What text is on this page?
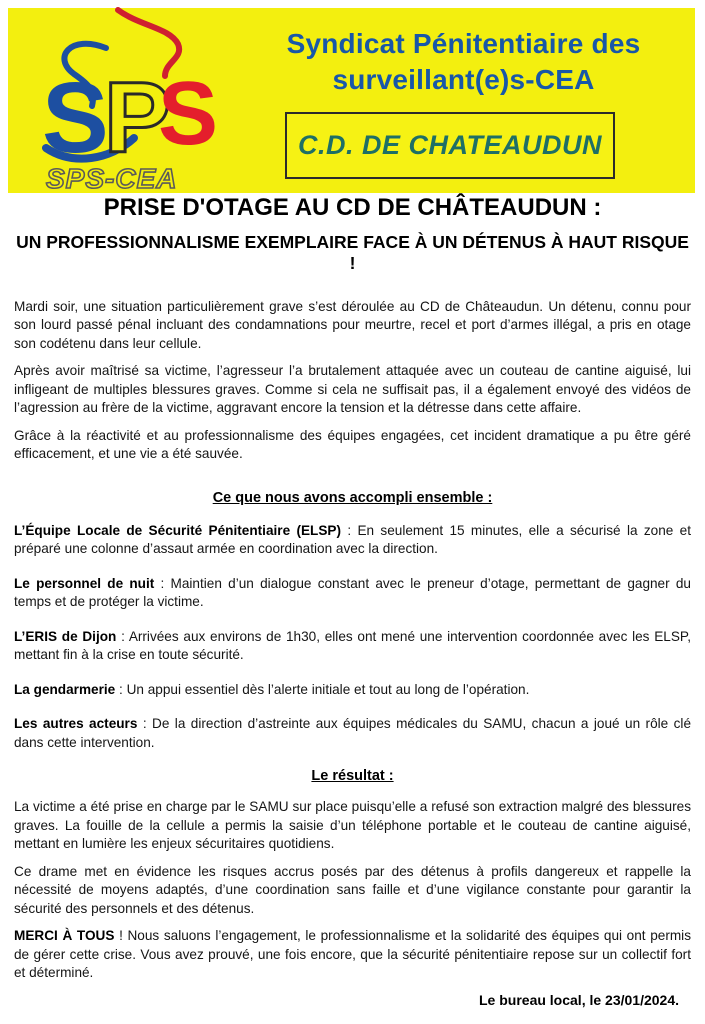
S
P
S
SPS-CEA
Syndicat Pénitentiaire des
surveillant(e)s-CEA
C.D. DE CHATEAUDUN
PRISE D'OTAGE AU CD DE CHÂTEAUDUN :
UN PROFESSIONNALISME EXEMPLAIRE FACE À UN DÉTENUS À HAUT RISQUE !

Mardi soir, une situation particulièrement grave s’est déroulée au CD de Châteaudun. Un détenu, connu pour son lourd passé pénal incluant des condamnations pour meurtre, recel et port d’armes illégal, a pris en otage son codétenu dans leur cellule.

Après avoir maîtrisé sa victime, l’agresseur l’a brutalement attaquée avec un couteau de cantine aiguisé, lui infligeant de multiples blessures graves. Comme si cela ne suffisait pas, il a également envoyé des vidéos de l’agression au frère de la victime, aggravant encore la tension et la détresse dans cette affaire.

Grâce à la réactivité et au professionnalisme des équipes engagées, cet incident dramatique a pu être géré efficacement, et une vie a été sauvée.

Ce que nous avons accompli ensemble :

L’Équipe Locale de Sécurité Pénitentiaire (ELSP) : En seulement 15 minutes, elle a sécurisé la zone et préparé une colonne d’assaut armée en coordination avec la direction.

Le personnel de nuit : Maintien d’un dialogue constant avec le preneur d’otage, permettant de gagner du temps et de protéger la victime.

L’ERIS de Dijon : Arrivées aux environs de 1h30, elles ont mené une intervention coordonnée avec les ELSP, mettant fin à la crise en toute sécurité.

La gendarmerie : Un appui essentiel dès l’alerte initiale et tout au long de l’opération.

Les autres acteurs : De la direction d’astreinte aux équipes médicales du SAMU, chacun a joué un rôle clé dans cette intervention.

Le résultat :

La victime a été prise en charge par le SAMU sur place puisqu’elle a refusé son extraction malgré des blessures graves. La fouille de la cellule a permis la saisie d’un téléphone portable et le couteau de cantine aiguisé, mettant en lumière les enjeux sécuritaires quotidiens.

Ce drame met en évidence les risques accrus posés par des détenus à profils dangereux et rappelle la nécessité de moyens adaptés, d’une coordination sans faille et d’une vigilance constante pour garantir la sécurité des personnels et des détenus.

MERCI À TOUS ! Nous saluons l’engagement, le professionnalisme et la solidarité des équipes qui ont permis de gérer cette crise. Vous avez prouvé, une fois encore, que la sécurité pénitentiaire repose sur un collectif fort et déterminé.

Le bureau local, le 23/01/2024.
